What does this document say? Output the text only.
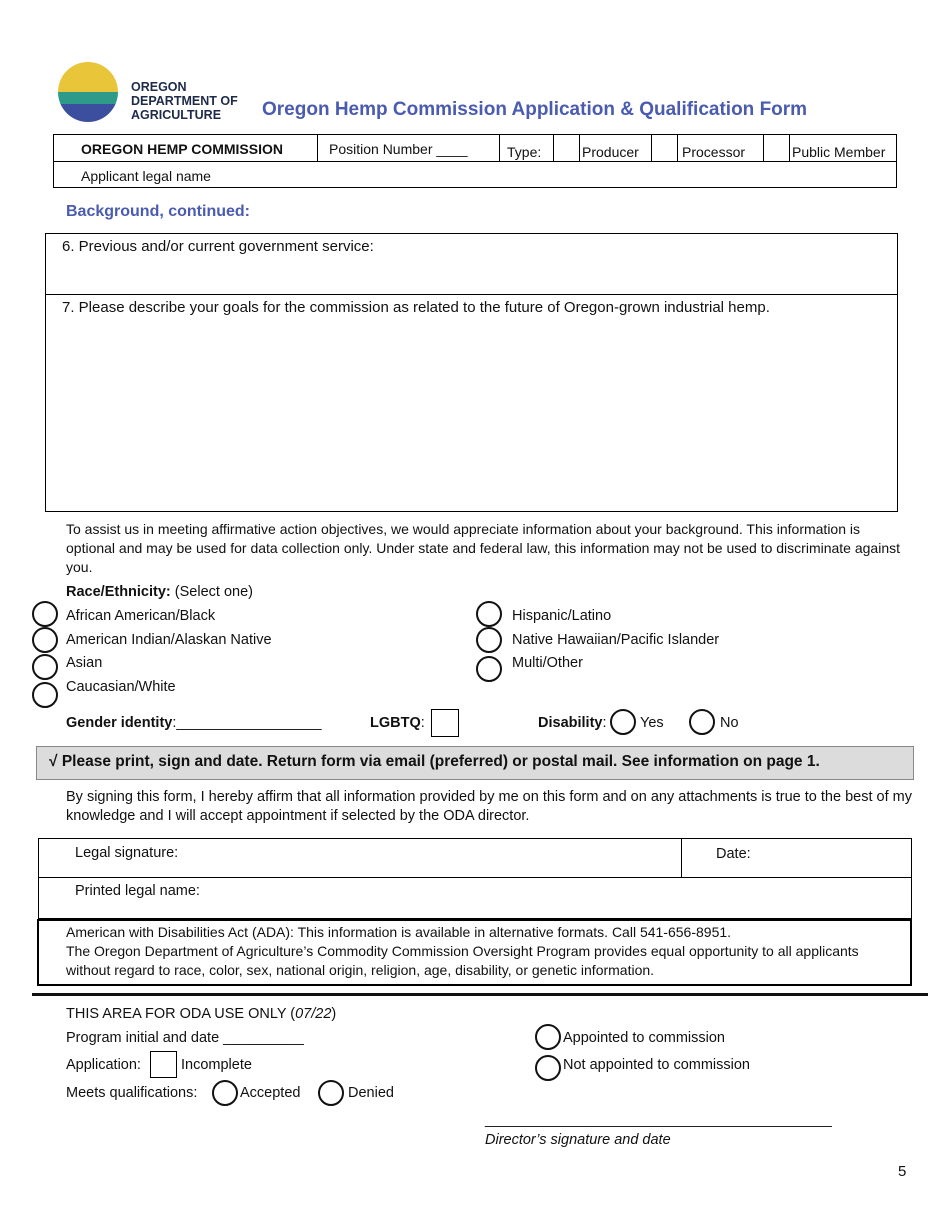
OREGON
DEPARTMENT OF
AGRICULTURE	Oregon Hemp Commission Application & Qualification Form
OREGON HEMP COMMISSION	Position Number ____	Type:	Producer	Processor	Public Member
Applicant legal name
Background, continued:
6. Previous and/or current government service:
7. Please describe your goals for the commission as related to the future of Oregon-grown industrial hemp.
To assist us in meeting affirmative action objectives, we would appreciate information about your background. This information is optional and may be used for data collection only. Under state and federal law, this information may not be used to discriminate against you.
Race/Ethnicity: (Select one)
African American/Black
American Indian/Alaskan Native
Asian
Caucasian/White
Hispanic/Latino
Native Hawaiian/Pacific Islander
Multi/Other
Gender identity:__________________	LGBTQ:	Disability: Yes	No
√ Please print, sign and date. Return form via email (preferred) or postal mail. See information on page 1.
By signing this form, I hereby affirm that all information provided by me on this form and on any attachments is true to the best of my knowledge and I will accept appointment if selected by the ODA director.
Legal signature:	Date:
Printed legal name:
American with Disabilities Act (ADA): This information is available in alternative formats. Call 541-656-8951.
The Oregon Department of Agriculture’s Commodity Commission Oversight Program provides equal opportunity to all applicants without regard to race, color, sex, national origin, religion, age, disability, or genetic information.
THIS AREA FOR ODA USE ONLY (07/22)
Program initial and date __________
Application:	Incomplete
Meets qualifications:	Accepted	Denied
Appointed to commission
Not appointed to commission
___________________________________________
Director’s signature and date
5
